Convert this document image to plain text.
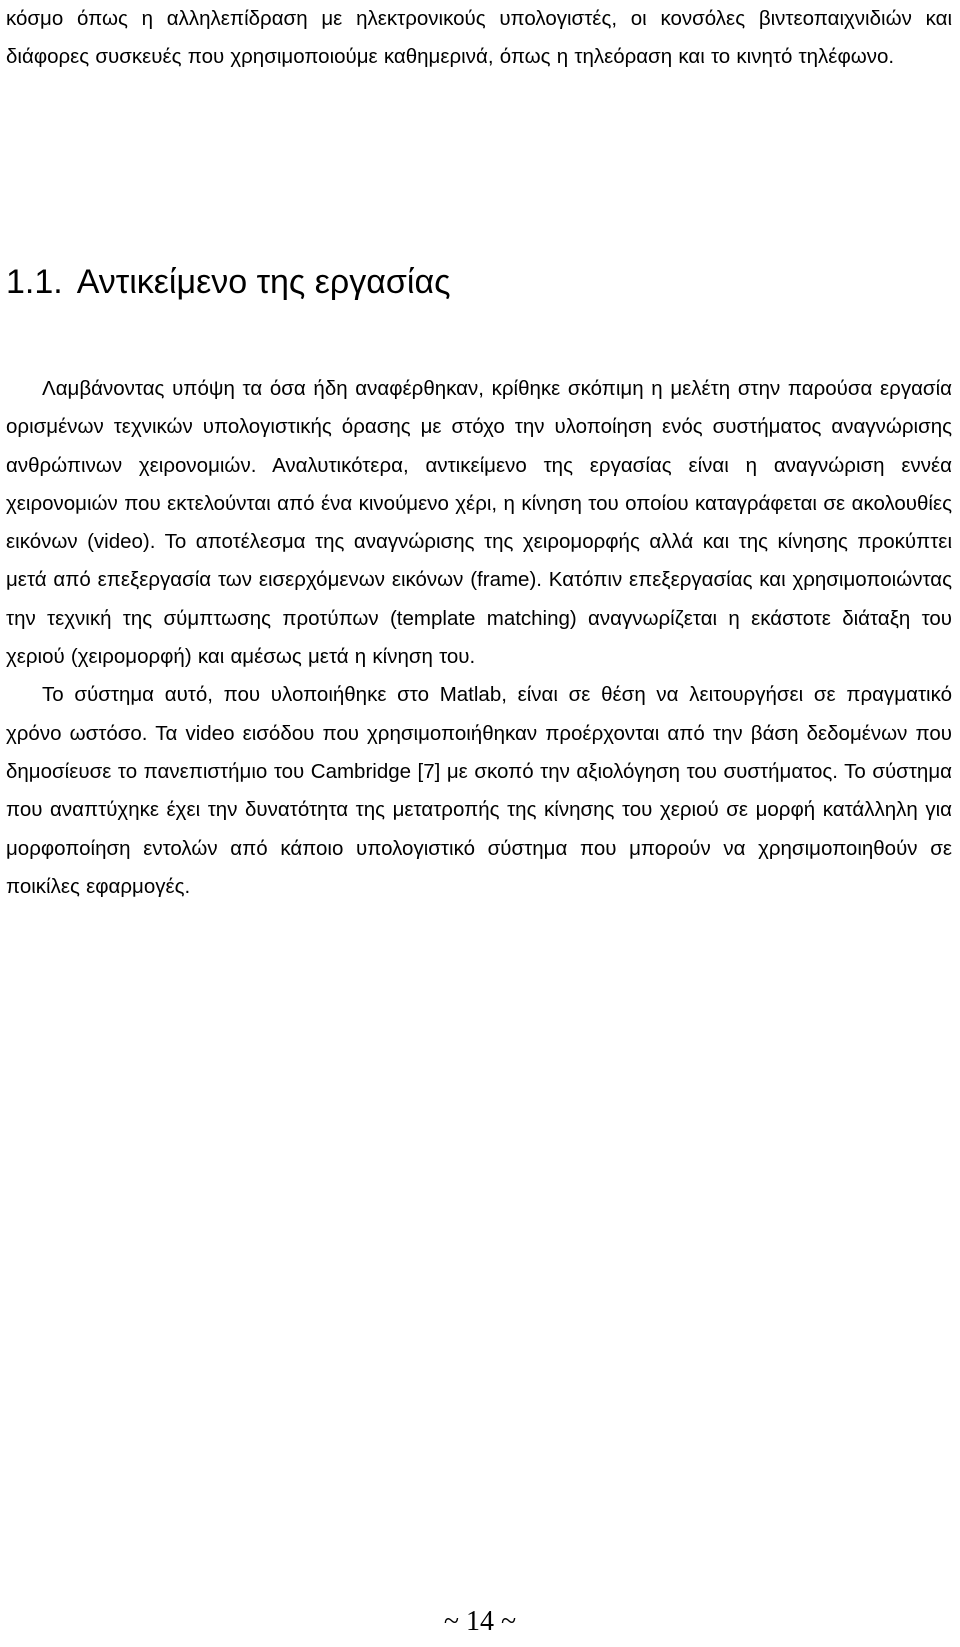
κόσμο όπως η αλληλεπίδραση με ηλεκτρονικούς υπολογιστές, οι κονσόλες βιντεοπαιχνιδιών και διάφορες συσκευές που χρησιμοποιούμε καθημερινά, όπως η τηλεόραση και το κινητό τηλέφωνο.

1.1. Αντικείμενο της εργασίας

Λαμβάνοντας υπόψη τα όσα ήδη αναφέρθηκαν, κρίθηκε σκόπιμη η μελέτη στην παρούσα εργασία ορισμένων τεχνικών υπολογιστικής όρασης με στόχο την υλοποίηση ενός συστήματος αναγνώρισης ανθρώπινων χειρονομιών. Αναλυτικότερα, αντικείμενο της εργασίας είναι η αναγνώριση εννέα χειρονομιών που εκτελούνται από ένα κινούμενο χέρι, η κίνηση του οποίου καταγράφεται σε ακολουθίες εικόνων (video). Το αποτέλεσμα της αναγνώρισης της χειρομορφής αλλά και της κίνησης προκύπτει μετά από επεξεργασία των εισερχόμενων εικόνων (frame). Κατόπιν επεξεργασίας και χρησιμοποιώντας την τεχνική της σύμπτωσης προτύπων (template matching) αναγνωρίζεται η εκάστοτε διάταξη του χεριού (χειρομορφή) και αμέσως μετά η κίνηση του.

Το σύστημα αυτό, που υλοποιήθηκε στο Matlab, είναι σε θέση να λειτουργήσει σε πραγματικό χρόνο ωστόσο. Τα video εισόδου που χρησιμοποιήθηκαν προέρχονται από την βάση δεδομένων που δημοσίευσε το πανεπιστήμιο του Cambridge [7] με σκοπό την αξιολόγηση του συστήματος. Το σύστημα που αναπτύχηκε έχει την δυνατότητα της μετατροπής της κίνησης του χεριού σε μορφή κατάλληλη για μορφοποίηση εντολών από κάποιο υπολογιστικό σύστημα που μπορούν να χρησιμοποιηθούν σε ποικίλες εφαρμογές.

~ 14 ~
